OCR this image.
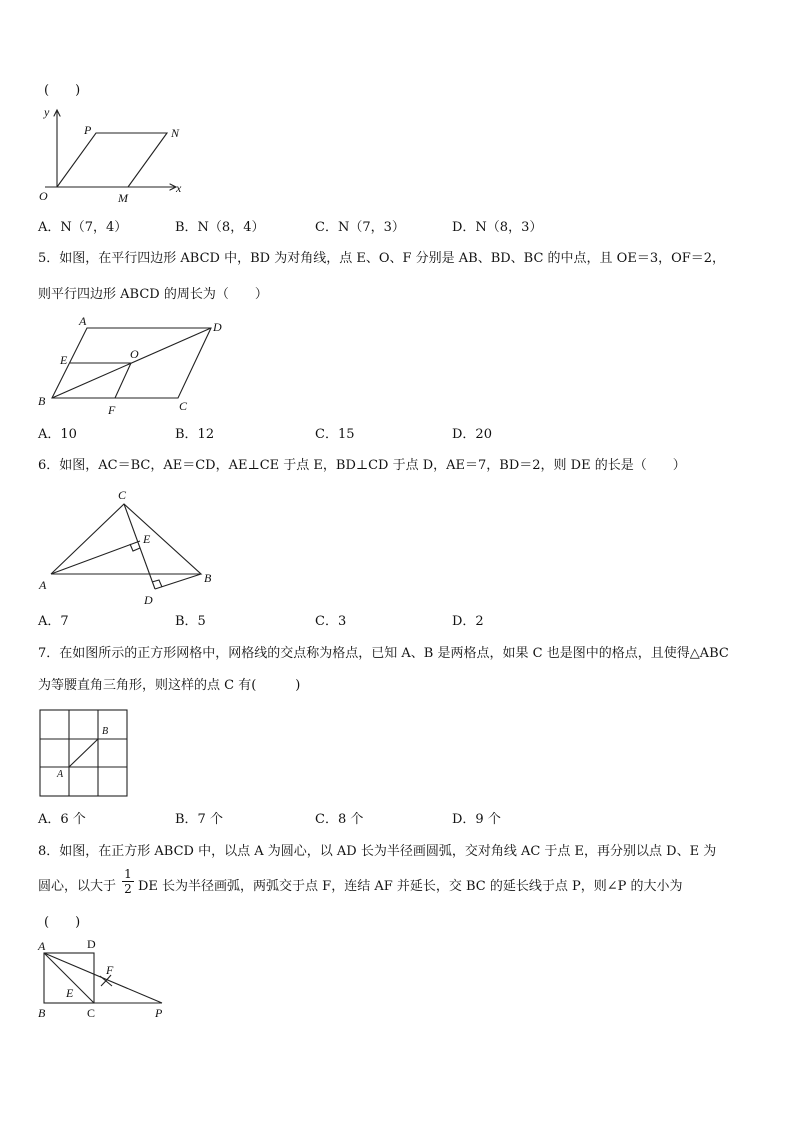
(　　)
y
x
O
P	N
M
A．N（7，4）	B．N（8，4）	C．N（7，3）	D．N（8，3）
5．如图，在平行四边形 ABCD 中，BD 为对角线，点 E、O、F 分别是 AB、BD、BC 的中点，且 OE＝3，OF＝2，
则平行四边形 ABCD 的周长为（　　）
A	D
E	O
B
F	C
A．10	B．12	C．15	D．20
6．如图，AC＝BC，AE＝CD，AE⊥CE 于点 E，BD⊥CD 于点 D，AE＝7，BD＝2，则 DE 的长是（　　）
C
E
A	B
D
A．7	B．5	C．3	D．2
7．在如图所示的正方形网格中，网格线的交点称为格点，已知 A、B 是两格点，如果 C 也是图中的格点，且使得△ABC
为等腰直角三角形，则这样的点 C 有(　　　)
A
B
A．6 个	B．7 个	C．8 个	D．9 个
8．如图，在正方形 ABCD 中，以点 A 为圆心，以 AD 长为半径画圆弧，交对角线 AC 于点 E，再分别以点 D、E 为
圆心，以大于
1
2 DE 长为半径画弧，两弧交于点 F，连结 AF 并延长，交 BC 的延长线于点 P，则∠P 的大小为
(　　)
A	D
F
E
B	C	P
